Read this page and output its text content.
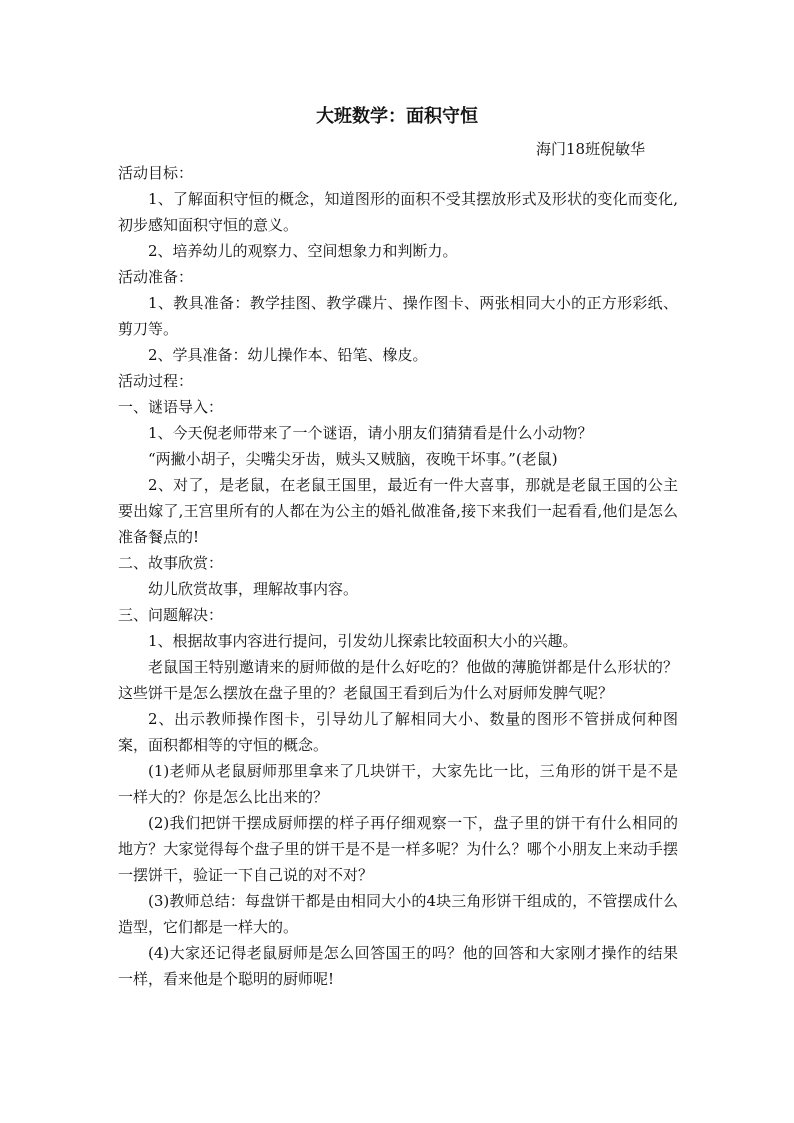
大班数学：面积守恒
海门18班倪敏华

活动目标：

1、了解面积守恒的概念，知道图形的面积不受其摆放形式及形状的变化而变化,初步感知面积守恒的意义。

2、培养幼儿的观察力、空间想象力和判断力。

活动准备：

1、教具准备：教学挂图、教学碟片、操作图卡、两张相同大小的正方形彩纸、剪刀等。

2、学具准备：幼儿操作本、铅笔、橡皮。

活动过程：

一、谜语导入：

1、今天倪老师带来了一个谜语，请小朋友们猜猜看是什么小动物？

“两撇小胡子，尖嘴尖牙齿，贼头又贼脑，夜晚干坏事。”(老鼠)

2、对了，是老鼠，在老鼠王国里，最近有一件大喜事，那就是老鼠王国的公主要出嫁了,王宫里所有的人都在为公主的婚礼做准备,接下来我们一起看看,他们是怎么准备餐点的!

二、故事欣赏：

幼儿欣赏故事，理解故事内容。

三、问题解决：

1、根据故事内容进行提问，引发幼儿探索比较面积大小的兴趣。

老鼠国王特别邀请来的厨师做的是什么好吃的？他做的薄脆饼都是什么形状的？这些饼干是怎么摆放在盘子里的？老鼠国王看到后为什么对厨师发脾气呢？

2、出示教师操作图卡，引导幼儿了解相同大小、数量的图形不管拼成何种图案，面积都相等的守恒的概念。

(1)老师从老鼠厨师那里拿来了几块饼干，大家先比一比，三角形的饼干是不是一样大的？你是怎么比出来的？

(2)我们把饼干摆成厨师摆的样子再仔细观察一下，盘子里的饼干有什么相同的地方？大家觉得每个盘子里的饼干是不是一样多呢？为什么？哪个小朋友上来动手摆一摆饼干，验证一下自己说的对不对？

(3)教师总结：每盘饼干都是由相同大小的4块三角形饼干组成的，不管摆成什么造型，它们都是一样大的。

(4)大家还记得老鼠厨师是怎么回答国王的吗？他的回答和大家刚才操作的结果一样，看来他是个聪明的厨师呢!
